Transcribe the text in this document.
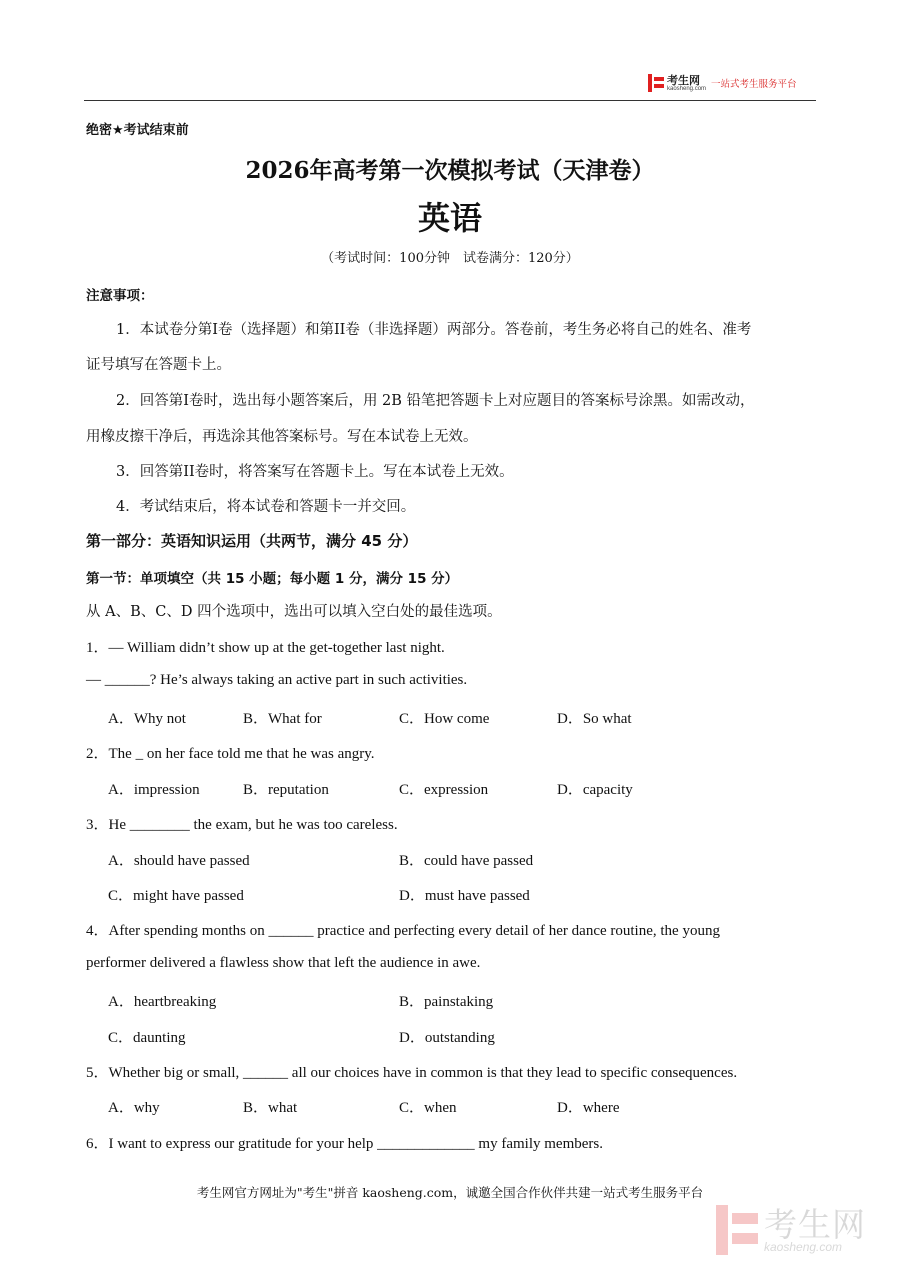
考生网
kaosheng.com 一站式考生服务平台
绝密★考试结束前
2026年高考第一次模拟考试（天津卷）
英语
（考试时间：100分钟　试卷满分：120分）
注意事项：
1．本试卷分第I卷（选择题）和第II卷（非选择题）两部分。答卷前，考生务必将自己的姓名、准考
证号填写在答题卡上。
2．回答第I卷时，选出每小题答案后，用 2B 铅笔把答题卡上对应题目的答案标号涂黑。如需改动，
用橡皮擦干净后，再选涂其他答案标号。写在本试卷上无效。
3．回答第II卷时，将答案写在答题卡上。写在本试卷上无效。
4．考试结束后，将本试卷和答题卡一并交回。
第一部分：英语知识运用（共两节，满分 45 分）
第一节：单项填空（共 15 小题；每小题 1 分，满分 15 分）
从 A、B、C、D 四个选项中，选出可以填入空白处的最佳选项。
1．— William didn’t show up at the get-together last night.
— ______? He’s always taking an active part in such activities.
A．Why not	B．What for	C．How come	D．So what
2．The _ on her face told me that he was angry.
A．impression	B．reputation	C．expression	D．capacity
3．He ________ the exam, but he was too careless.
A．should have passed	B．could have passed
C．might have passed	D．must have passed
4．After spending months on ______ practice and perfecting every detail of her dance routine, the young
performer delivered a flawless show that left the audience in awe.
A．heartbreaking	B．painstaking
C．daunting	D．outstanding
5．Whether big or small, ______ all our choices have in common is that they lead to specific consequences.
A．why	B．what	C．when	D．where
6．I want to express our gratitude for your help _____________ my family members.
考生网官方网址为"考生"拼音 kaosheng.com，诚邀全国合作伙伴共建一站式考生服务平台
考生网
kaosheng.com
